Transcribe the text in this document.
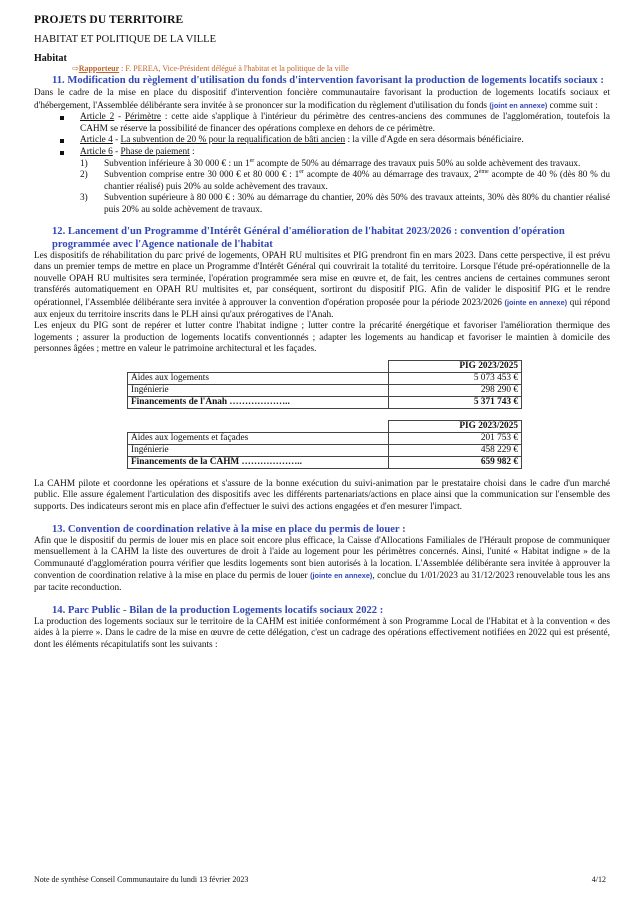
PROJETS DU TERRITOIRE
HABITAT ET POLITIQUE DE LA VILLE
Habitat
⇨Rapporteur : F. PEREA, Vice-Président délégué à l'habitat et la politique de la ville
11. Modification du règlement d'utilisation du fonds d'intervention favorisant la production de logements locatifs sociaux :

Dans le cadre de la mise en place du dispositif d'intervention foncière communautaire favorisant la production de logements locatifs sociaux et d'hébergement, l'Assemblée délibérante sera invitée à se prononcer sur la modification du règlement d'utilisation du fonds (joint en annexe) comme suit :

Article 2 - Périmètre : cette aide s'applique à l'intérieur du périmètre des centres-anciens des communes de l'agglomération, toutefois la CAHM se réserve la possibilité de financer des opérations complexe en dehors de ce périmètre.
Article 4 - La subvention de 20 % pour la requalification de bâti ancien : la ville d'Agde en sera désormais bénéficiaire.
Article 6 - Phase de paiement :
1) Subvention inférieure à 30 000 € : un 1er acompte de 50% au démarrage des travaux puis 50% au solde achèvement des travaux.
2) Subvention comprise entre 30 000 € et 80 000 € : 1er acompte de 40% au démarrage des travaux, 2ème acompte de 40 % (dès 80 % du chantier réalisé) puis 20% au solde achèvement des travaux.
3) Subvention supérieure à 80 000 € : 30% au démarrage du chantier, 20% dès 50% des travaux atteints, 30% dès 80% du chantier réalisé puis 20% au solde achèvement de travaux.
12. Lancement d'un Programme d'Intérêt Général d'amélioration de l'habitat 2023/2026 : convention d'opération programmée avec l'Agence nationale de l'habitat

Les dispositifs de réhabilitation du parc privé de logements, OPAH RU multisites et PIG prendront fin en mars 2023. Dans cette perspective, il est prévu dans un premier temps de mettre en place un Programme d'Intérêt Général qui couvrirait la totalité du territoire. Lorsque l'étude pré-opérationnelle de la nouvelle OPAH RU multisites sera terminée, l'opération programmée sera mise en œuvre et, de fait, les centres anciens de certaines communes seront transférés automatiquement en OPAH RU multisites et, par conséquent, sortiront du dispositif PIG. Afin de valider le dispositif PIG et le rendre opérationnel, l'Assemblée délibérante sera invitée à approuver la convention d'opération proposée pour la période 2023/2026 (jointe en annexe) qui répond aux enjeux du territoire inscrits dans le PLH ainsi qu'aux prérogatives de l'Anah.

Les enjeux du PIG sont de repérer et lutter contre l'habitat indigne ; lutter contre la précarité énergétique et favoriser l'amélioration thermique des logements ; assurer la production de logements locatifs conventionnés ; adapter les logements au handicap et favoriser le maintien à domicile des personnes âgées ; mettre en valeur le patrimoine architectural et les façades.

	PIG 2023/2025
Aides aux logements	5 073 453 €
Ingénierie	298 290 €
Financements de l'Anah ………………..	5 371 743 €
	PIG 2023/2025
Aides aux logements et façades	201 753 €
Ingénierie	458 229 €
Financements de la CAHM ………………..	659 982 €

La CAHM pilote et coordonne les opérations et s'assure de la bonne exécution du suivi-animation par le prestataire choisi dans le cadre d'un marché public. Elle assure également l'articulation des dispositifs avec les différents partenariats/actions en place ainsi que la communication sur l'ensemble des supports. Des indicateurs seront mis en place afin d'effectuer le suivi des actions engagées et d'en mesurer l'impact.

13. Convention de coordination relative à la mise en place du permis de louer :

Afin que le dispositif du permis de louer mis en place soit encore plus efficace, la Caisse d'Allocations Familiales de l'Hérault propose de communiquer mensuellement à la CAHM la liste des ouvertures de droit à l'aide au logement pour les périmètres concernés. Ainsi, l'unité « Habitat indigne » de la Communauté d'agglomération pourra vérifier que lesdits logements sont bien autorisés à la location. L'Assemblée délibérante sera invitée à approuver la convention de coordination relative à la mise en place du permis de louer (jointe en annexe), conclue du 1/01/2023 au 31/12/2023 renouvelable tous les ans par tacite reconduction.

14. Parc Public - Bilan de la production Logements locatifs sociaux 2022 :

La production des logements sociaux sur le territoire de la CAHM est initiée conformément à son Programme Local de l'Habitat et à la convention « des aides à la pierre ». Dans le cadre de la mise en œuvre de cette délégation, c'est un cadrage des opérations effectivement notifiées en 2022 qui est présenté, dont les éléments récapitulatifs sont les suivants :

Note de synthèse Conseil Communautaire du lundi 13 février 2023	4/12
